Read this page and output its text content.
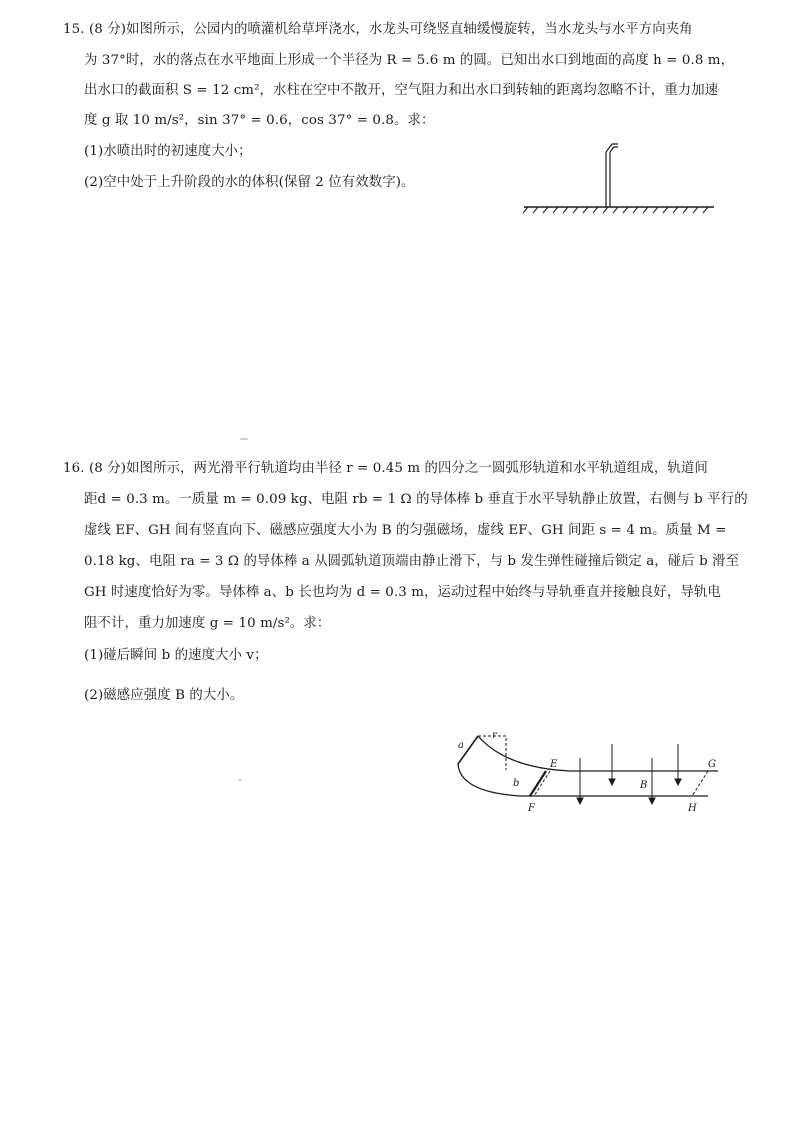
15. (8 分)如图所示，公园内的喷灌机给草坪浇水，水龙头可绕竖直轴缓慢旋转，当水龙头与水平方向夹角
为 37°时，水的落点在水平地面上形成一个半径为 R = 5.6 m 的圆。已知出水口到地面的高度 h = 0.8 m，
出水口的截面积 S = 12 cm²，水柱在空中不散开，空气阻力和出水口到转轴的距离均忽略不计，重力加速
度 g 取 10 m/s²，sin 37° = 0.6，cos 37° = 0.8。求：
(1)水喷出时的初速度大小；
(2)空中处于上升阶段的水的体积(保留 2 位有效数字)。
16. (8 分)如图所示，两光滑平行轨道均由半径 r = 0.45 m 的四分之一圆弧形轨道和水平轨道组成，轨道间
距d = 0.3 m。一质量 m = 0.09 kg、电阻 rb = 1 Ω 的导体棒 b 垂直于水平导轨静止放置，右侧与 b 平行的
虚线 EF、GH 间有竖直向下、磁感应强度大小为 B 的匀强磁场，虚线 EF、GH 间距 s = 4 m。质量 M =
0.18 kg、电阻 ra = 3 Ω 的导体棒 a 从圆弧轨道顶端由静止滑下，与 b 发生弹性碰撞后锁定 a，碰后 b 滑至
GH 时速度恰好为零。导体棒 a、b 长也均为 d = 0.3 m，运动过程中始终与导轨垂直并接触良好，导轨电
阻不计，重力加速度 g = 10 m/s²。求：
(1)碰后瞬间 b 的速度大小 v；
(2)磁感应强度 B 的大小。
a
r
b
E
F
B
G
H
